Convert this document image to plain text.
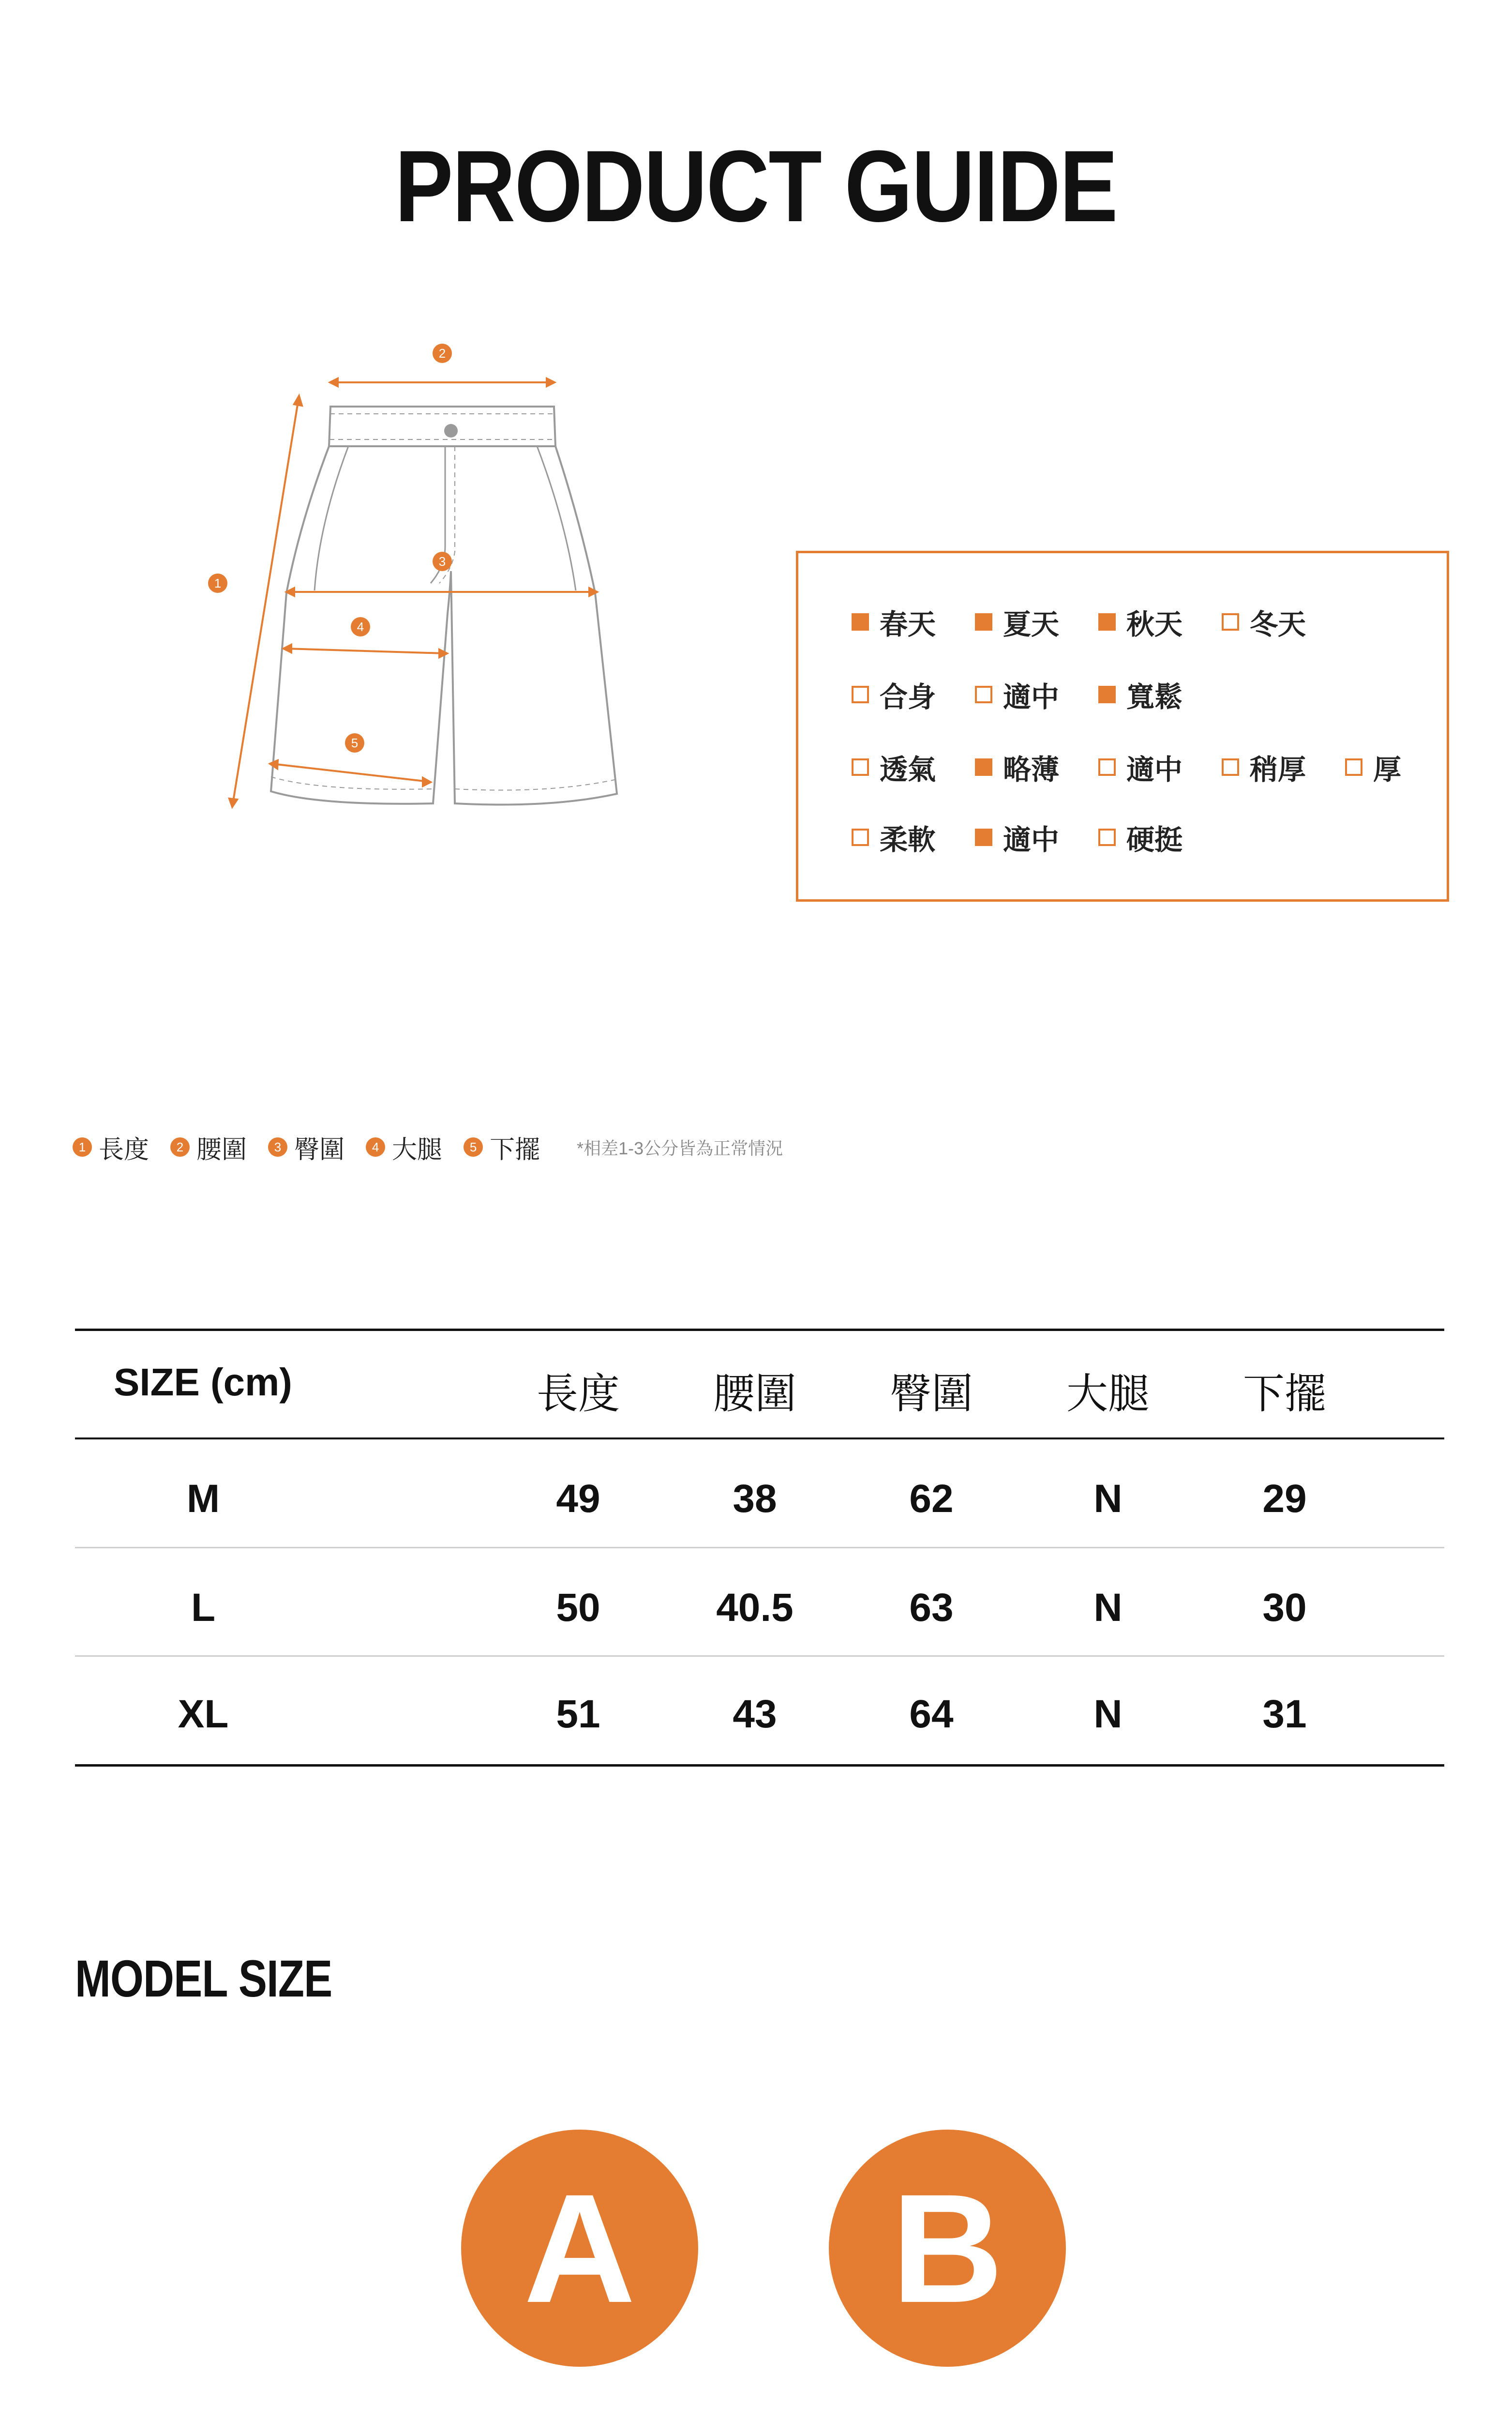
PRODUCT GUIDE
1
2
3
4
5
春天 夏天 秋天 冬天
合身 適中 寬鬆
透氣 略薄 適中 稍厚 厚
柔軟 適中 硬挺
1 長度	2 腰圍	3 臀圍	4 大腿	5 下擺 *相差1-3公分皆為正常情況
SIZE (cm)	長度	腰圍	臀圍	大腿	下擺
M	49	38	62	N	29
L	50	40.5	63	N	30
XL	51	43	64	N	31
MODEL SIZE
A	B
